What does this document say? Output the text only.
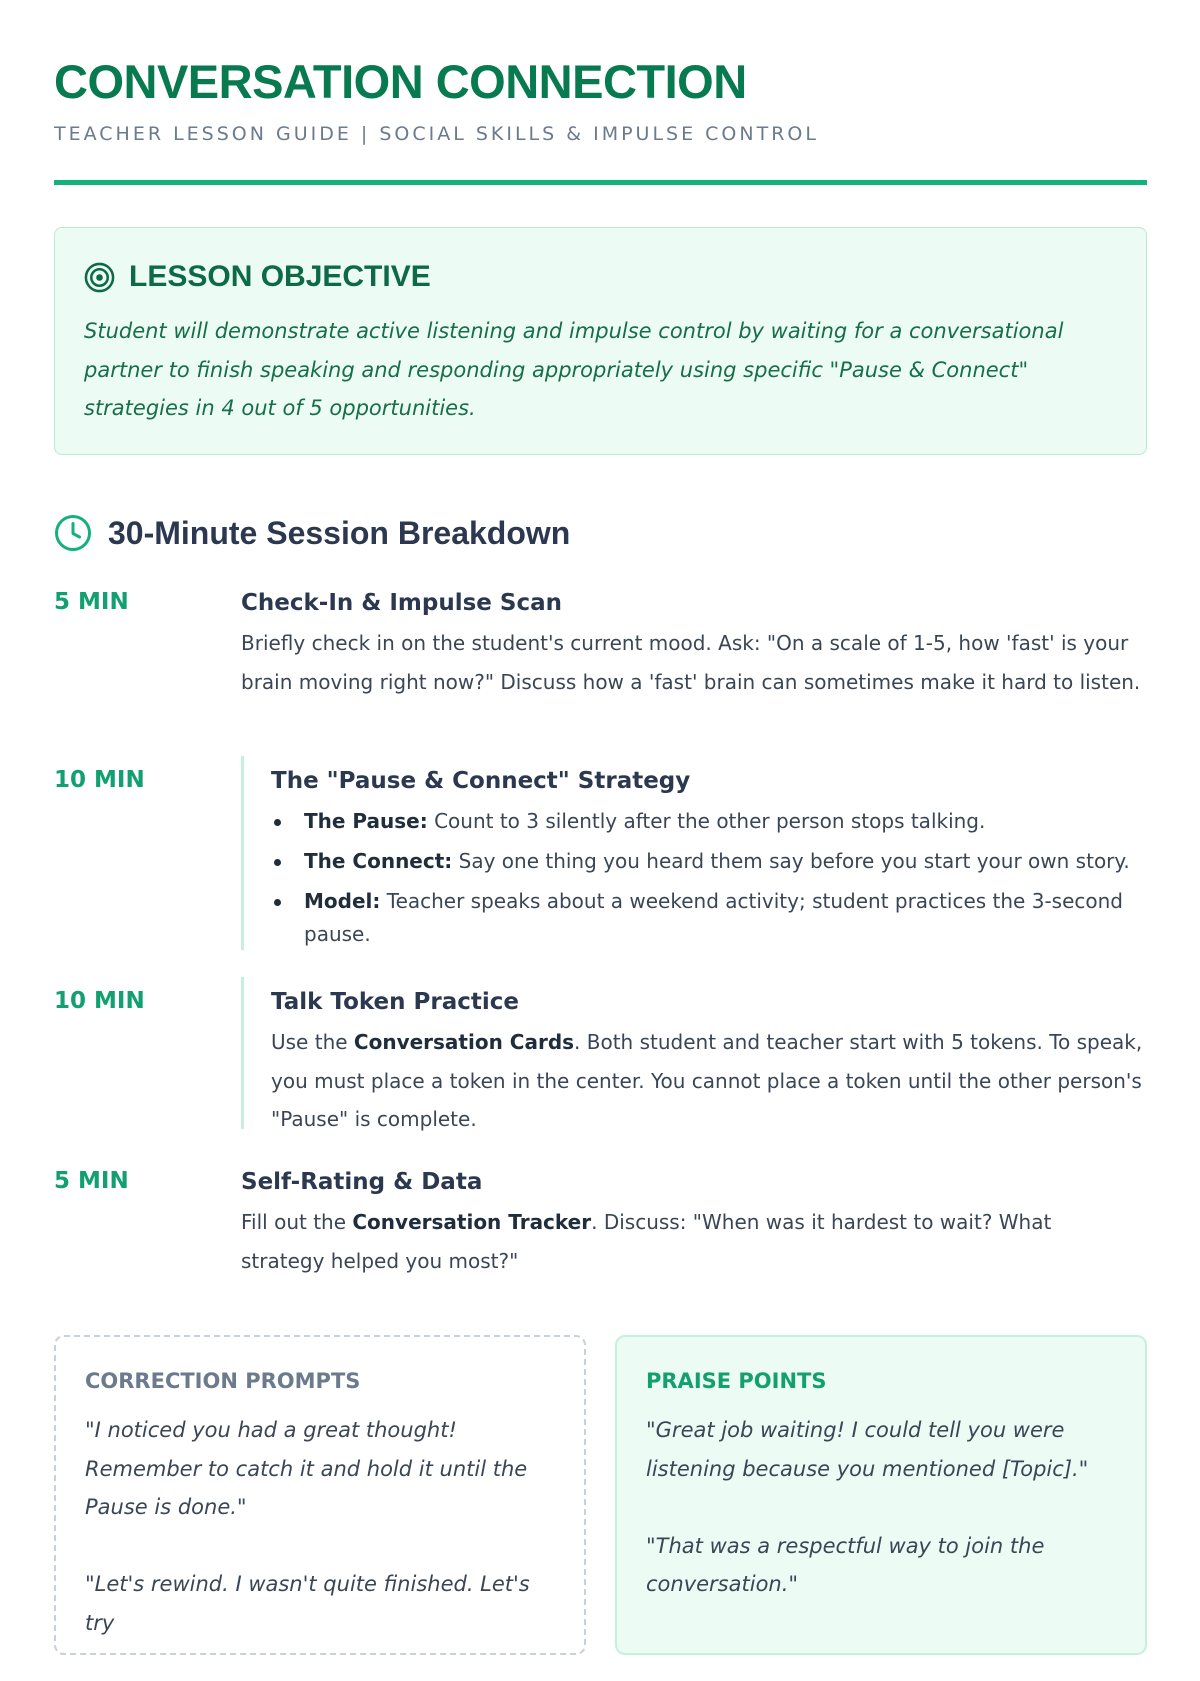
CONVERSATION CONNECTION
TEACHER LESSON GUIDE | SOCIAL SKILLS & IMPULSE CONTROL
LESSON OBJECTIVE

Student will demonstrate active listening and impulse control by waiting for a conversational partner to finish speaking and responding appropriately using specific "Pause & Connect" strategies in 4 out of 5 opportunities.

30-Minute Session Breakdown
5 MIN	Check-In & Impulse Scan
Briefly check in on the student's current mood. Ask: "On a scale of 1-5, how 'fast' is your brain moving right now?" Discuss how a 'fast' brain can sometimes make it hard to listen.
10 MIN	The "Pause & Connect" Strategy
The Pause: Count to 3 silently after the other person stops talking.
The Connect: Say one thing you heard them say before you start your own story.
Model: Teacher speaks about a weekend activity; student practices the 3-second pause.
10 MIN	Talk Token Practice
Use the Conversation Cards. Both student and teacher start with 5 tokens. To speak, you must place a token in the center. You cannot place a token until the other person's "Pause" is complete.
5 MIN	Self-Rating & Data
Fill out the Conversation Tracker. Discuss: "When was it hardest to wait? What strategy helped you most?"
CORRECTION PROMPTS
"I noticed you had a great thought! Remember to catch it and hold it until the Pause is done."
"Let's rewind. I wasn't quite finished. Let's try
PRAISE POINTS
"Great job waiting! I could tell you were listening because you mentioned [Topic]."
"That was a respectful way to join the conversation."
